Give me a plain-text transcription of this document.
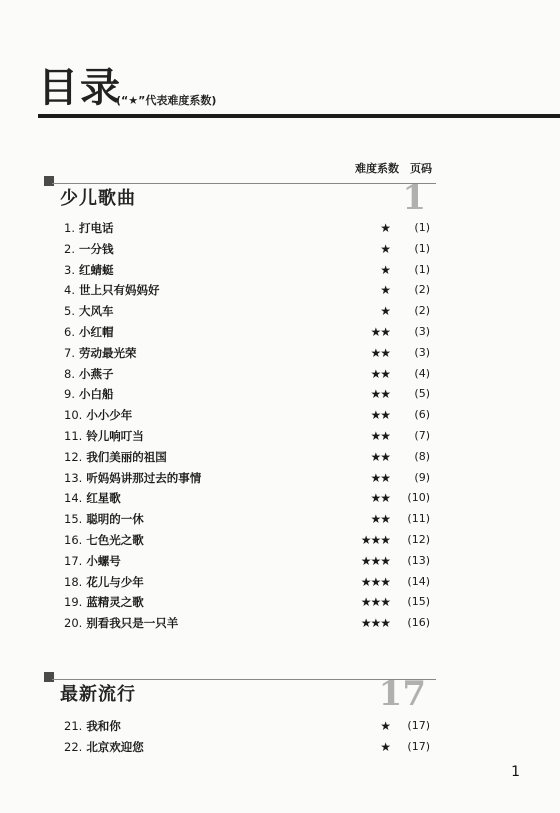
目录
(“★”代表难度系数)
难度系数　页码
少儿歌曲	1
1. 打电话	★	(1)
2. 一分钱	★	(1)
3. 红蜻蜓	★	(1)
4. 世上只有妈妈好	★	(2)
5. 大风车	★	(2)
6. 小红帽	★★	(3)
7. 劳动最光荣	★★	(3)
8. 小燕子	★★	(4)
9. 小白船	★★	(5)
10. 小小少年	★★	(6)
11. 铃儿响叮当	★★	(7)
12. 我们美丽的祖国	★★	(8)
13. 听妈妈讲那过去的事情	★★	(9)
14. 红星歌	★★	(10)
15. 聪明的一休	★★	(11)
16. 七色光之歌	★★★	(12)
17. 小螺号	★★★	(13)
18. 花儿与少年	★★★	(14)
19. 蓝精灵之歌	★★★	(15)
20. 别看我只是一只羊	★★★	(16)
最新流行	17
21. 我和你	★	(17)
22. 北京欢迎您	★	(17)
1
